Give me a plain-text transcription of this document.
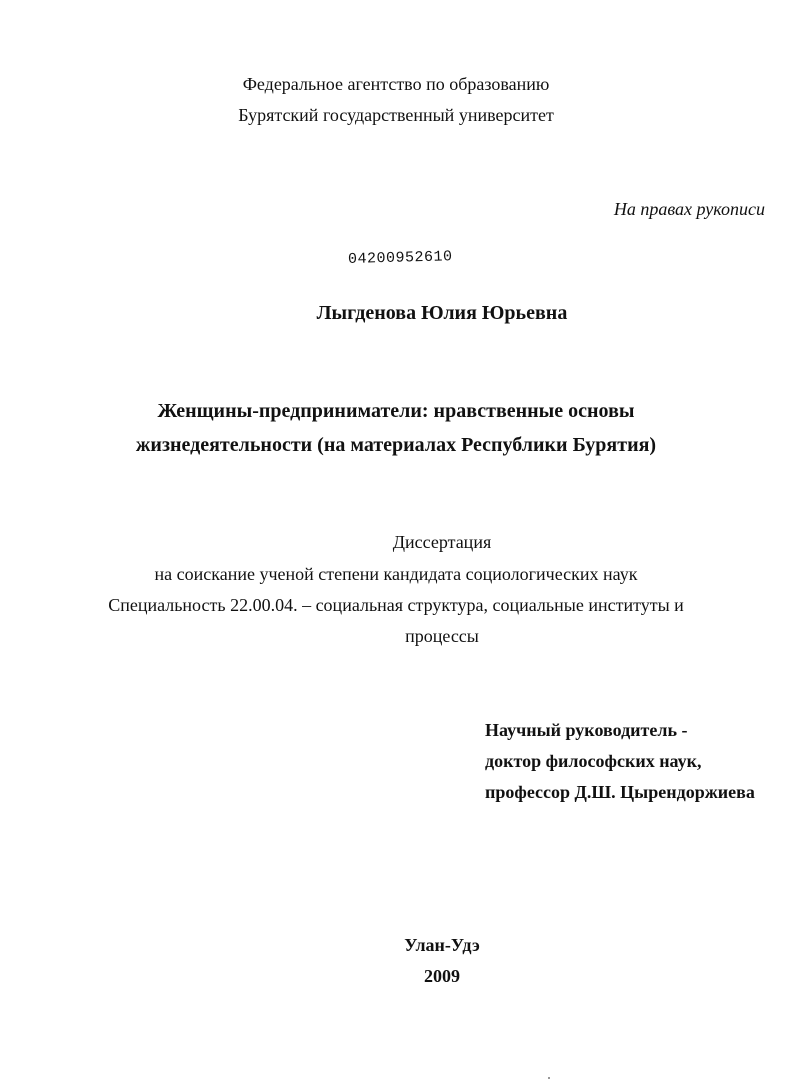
Федеральное агентство по образованию
Бурятский государственный университет
На правах рукописи
04200952610
Лыгденова Юлия Юрьевна
Женщины-предприниматели: нравственные основы
жизнедеятельности (на материалах Республики Бурятия)
Диссертация
на соискание ученой степени кандидата социологических наук
Специальность 22.00.04. – социальная структура, социальные институты и
процессы
Научный руководитель -
доктор философских наук,
профессор Д.Ш. Цырендоржиева
Улан-Удэ
2009
